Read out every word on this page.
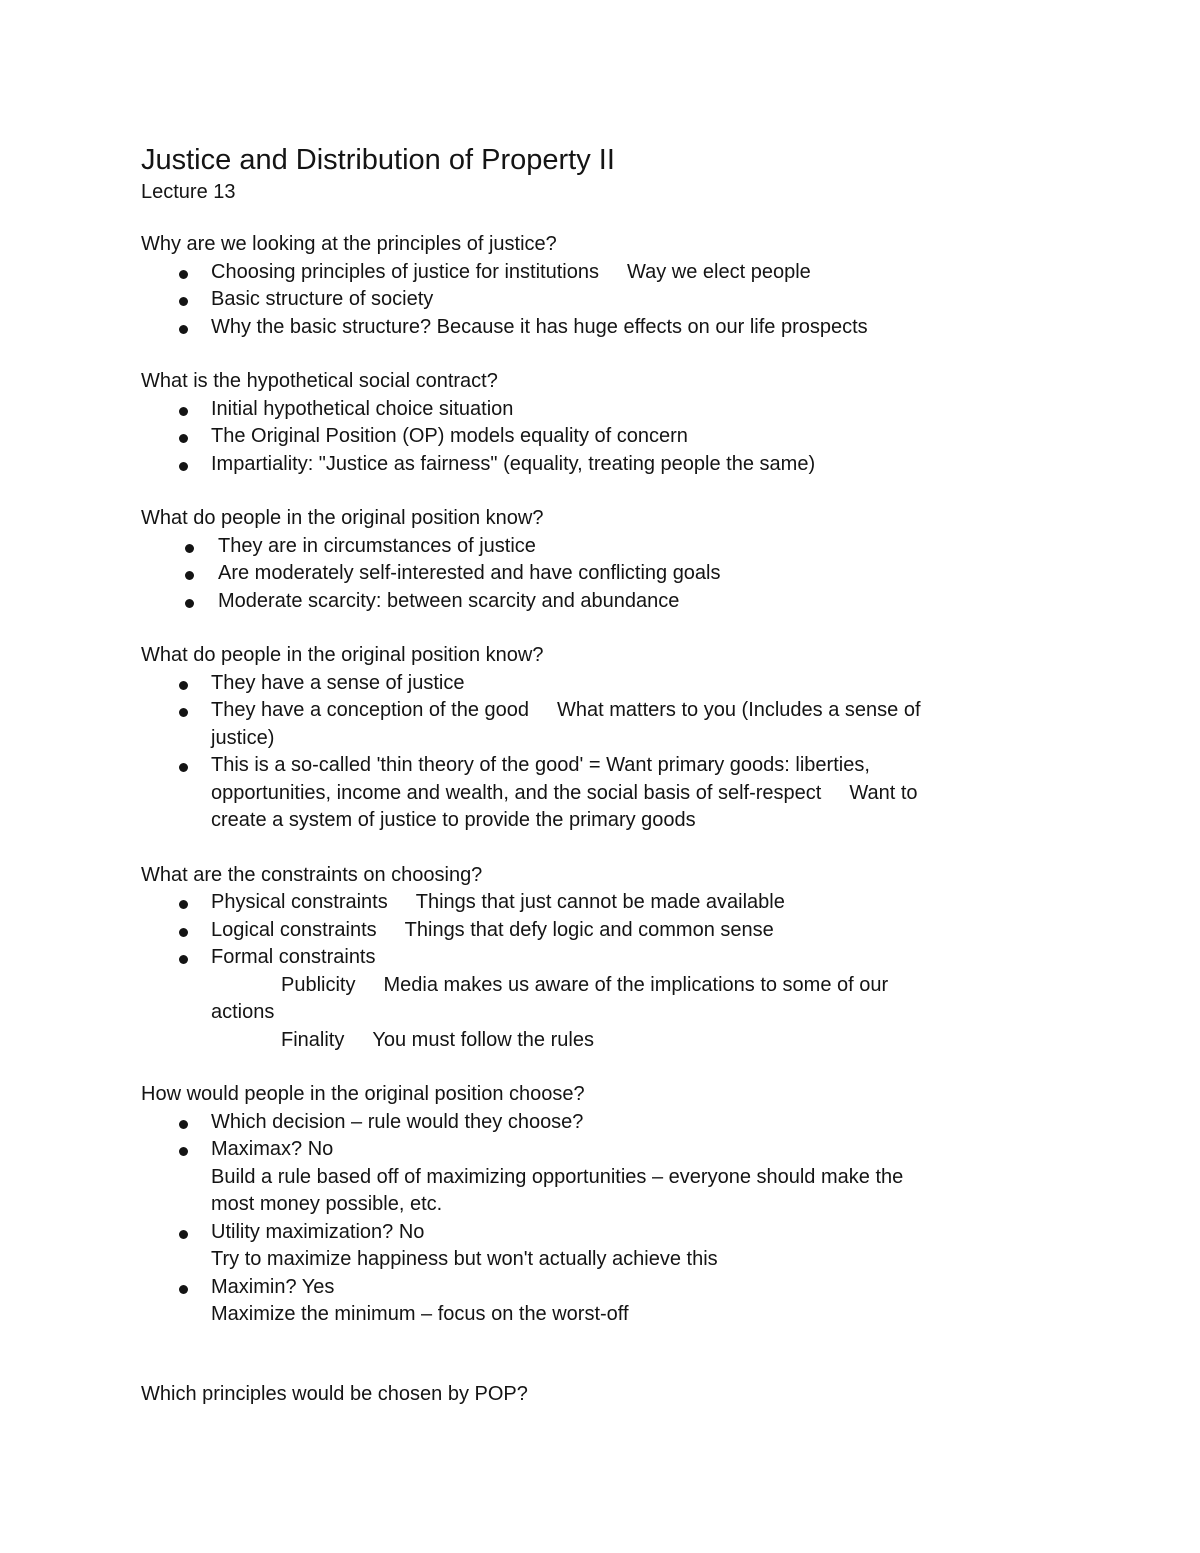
Justice and Distribution of Property II

Lecture 13

Why are we looking at the principles of justice?

Choosing principles of justice for institutions Way we elect people
Basic structure of society
Why the basic structure? Because it has huge effects on our life prospects

What is the hypothetical social contract?

Initial hypothetical choice situation
The Original Position (OP) models equality of concern
Impartiality: "Justice as fairness" (equality, treating people the same)

What do people in the original position know?

They are in circumstances of justice
Are moderately self-interested and have conflicting goals
Moderate scarcity: between scarcity and abundance

What do people in the original position know?

They have a sense of justice
They have a conception of the good What matters to you (Includes a sense of
justice)
This is a so-called 'thin theory of the good' = Want primary goods: liberties,
opportunities, income and wealth, and the social basis of self-respect Want to
create a system of justice to provide the primary goods

What are the constraints on choosing?

Physical constraints Things that just cannot be made available
Logical constraints Things that defy logic and common sense
Formal constraints
Publicity Media makes us aware of the implications to some of our
actions
Finality You must follow the rules

How would people in the original position choose?

Which decision – rule would they choose?
Maximax? No
Build a rule based off of maximizing opportunities – everyone should make the
most money possible, etc.
Utility maximization? No
Try to maximize happiness but won't actually achieve this
Maximin? Yes
Maximize the minimum – focus on the worst-off

Which principles would be chosen by POP?
